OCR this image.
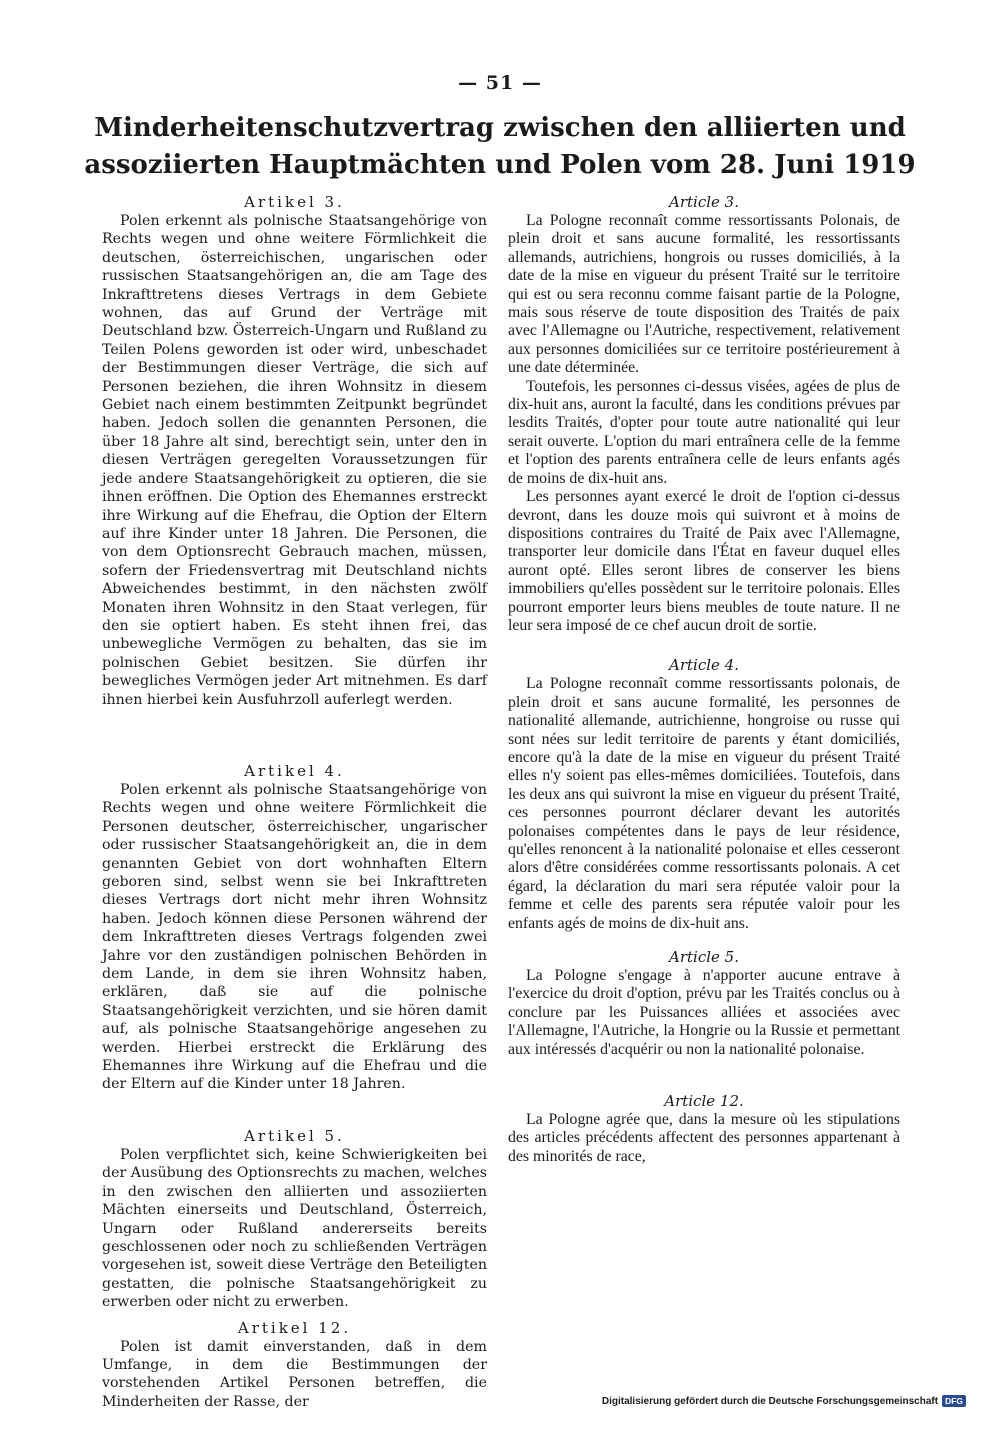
— 51 —
Minderheitenschutzvertrag zwischen den alliierten und assoziierten Hauptmächten und Polen vom 28. Juni 1919
Artikel 3.

Polen erkennt als polnische Staatsangehörige von Rechts wegen und ohne weitere Förmlichkeit die deutschen, österreichischen, ungarischen oder russischen Staatsangehörigen an, die am Tage des Inkrafttretens dieses Vertrags in dem Gebiete wohnen, das auf Grund der Verträge mit Deutschland bzw. Österreich-Ungarn und Rußland zu Teilen Polens geworden ist oder wird, unbeschadet der Bestimmungen dieser Verträge, die sich auf Personen beziehen, die ihren Wohnsitz in diesem Gebiet nach einem bestimmten Zeitpunkt begründet haben. Jedoch sollen die genannten Personen, die über 18 Jahre alt sind, berechtigt sein, unter den in diesen Verträgen geregelten Voraussetzungen für jede andere Staatsangehörigkeit zu optieren, die sie ihnen eröffnen. Die Option des Ehemannes erstreckt ihre Wirkung auf die Ehefrau, die Option der Eltern auf ihre Kinder unter 18 Jahren. Die Personen, die von dem Optionsrecht Gebrauch machen, müssen, sofern der Friedensvertrag mit Deutschland nichts Abweichendes bestimmt, in den nächsten zwölf Monaten ihren Wohnsitz in den Staat verlegen, für den sie optiert haben. Es steht ihnen frei, das unbewegliche Vermögen zu behalten, das sie im polnischen Gebiet besitzen. Sie dürfen ihr bewegliches Vermögen jeder Art mitnehmen. Es darf ihnen hierbei kein Ausfuhrzoll auferlegt werden.

Artikel 4.

Polen erkennt als polnische Staatsangehörige von Rechts wegen und ohne weitere Förmlichkeit die Personen deutscher, österreichischer, ungarischer oder russischer Staatsangehörigkeit an, die in dem genannten Gebiet von dort wohnhaften Eltern geboren sind, selbst wenn sie bei Inkrafttreten dieses Vertrags dort nicht mehr ihren Wohnsitz haben. Jedoch können diese Personen während der dem Inkrafttreten dieses Vertrags folgenden zwei Jahre vor den zuständigen polnischen Behörden in dem Lande, in dem sie ihren Wohnsitz haben, erklären, daß sie auf die polnische Staatsangehörigkeit verzichten, und sie hören damit auf, als polnische Staatsangehörige angesehen zu werden. Hierbei erstreckt die Erklärung des Ehemannes ihre Wirkung auf die Ehefrau und die der Eltern auf die Kinder unter 18 Jahren.

Artikel 5.

Polen verpflichtet sich, keine Schwierigkeiten bei der Ausübung des Optionsrechts zu machen, welches in den zwischen den alliierten und assoziierten Mächten einerseits und Deutschland, Österreich, Ungarn oder Rußland andererseits bereits geschlossenen oder noch zu schließenden Verträgen vorgesehen ist, soweit diese Verträge den Beteiligten gestatten, die polnische Staatsangehörigkeit zu erwerben oder nicht zu erwerben.

Artikel 12.

Polen ist damit einverstanden, daß in dem Umfange, in dem die Bestimmungen der vorstehenden Artikel Personen betreffen, die Minderheiten der Rasse, der

Article 3.

La Pologne reconnaît comme ressortissants Polonais, de plein droit et sans aucune formalité, les ressortissants allemands, autrichiens, hongrois ou russes domiciliés, à la date de la mise en vigueur du présent Traité sur le territoire qui est ou sera reconnu comme faisant partie de la Pologne, mais sous réserve de toute disposition des Traités de paix avec l'Allemagne ou l'Autriche, respectivement, relativement aux personnes domiciliées sur ce territoire postérieurement à une date déterminée.

Toutefois, les personnes ci-dessus visées, agées de plus de dix-huit ans, auront la faculté, dans les conditions prévues par lesdits Traités, d'opter pour toute autre nationalité qui leur serait ouverte. L'option du mari entraînera celle de la femme et l'option des parents entraînera celle de leurs enfants agés de moins de dix-huit ans.

Les personnes ayant exercé le droit de l'option ci-dessus devront, dans les douze mois qui suivront et à moins de dispositions contraires du Traité de Paix avec l'Allemagne, transporter leur domicile dans l'État en faveur duquel elles auront opté. Elles seront libres de conserver les biens immobiliers qu'elles possèdent sur le territoire polonais. Elles pourront emporter leurs biens meubles de toute nature. Il ne leur sera imposé de ce chef aucun droit de sortie.

Article 4.

La Pologne reconnaît comme ressortissants polonais, de plein droit et sans aucune formalité, les personnes de nationalité allemande, autrichienne, hongroise ou russe qui sont nées sur ledit territoire de parents y étant domiciliés, encore qu'à la date de la mise en vigueur du présent Traité elles n'y soient pas elles-mêmes domiciliées. Toutefois, dans les deux ans qui suivront la mise en vigueur du présent Traité, ces personnes pourront déclarer devant les autorités polonaises compétentes dans le pays de leur résidence, qu'elles renoncent à la nationalité polonaise et elles cesseront alors d'être considérées comme ressortissants polonais. A cet égard, la déclaration du mari sera réputée valoir pour la femme et celle des parents sera réputée valoir pour les enfants agés de moins de dix-huit ans.

Article 5.

La Pologne s'engage à n'apporter aucune entrave à l'exercice du droit d'option, prévu par les Traités conclus ou à conclure par les Puissances alliées et associées avec l'Allemagne, l'Autriche, la Hongrie ou la Russie et permettant aux intéressés d'acquérir ou non la nationalité polonaise.

Article 12.

La Pologne agrée que, dans la mesure où les stipulations des articles précédents affectent des personnes appartenant à des minorités de race,

Digitalisierung gefördert durch die Deutsche Forschungsgemeinschaft DFG
